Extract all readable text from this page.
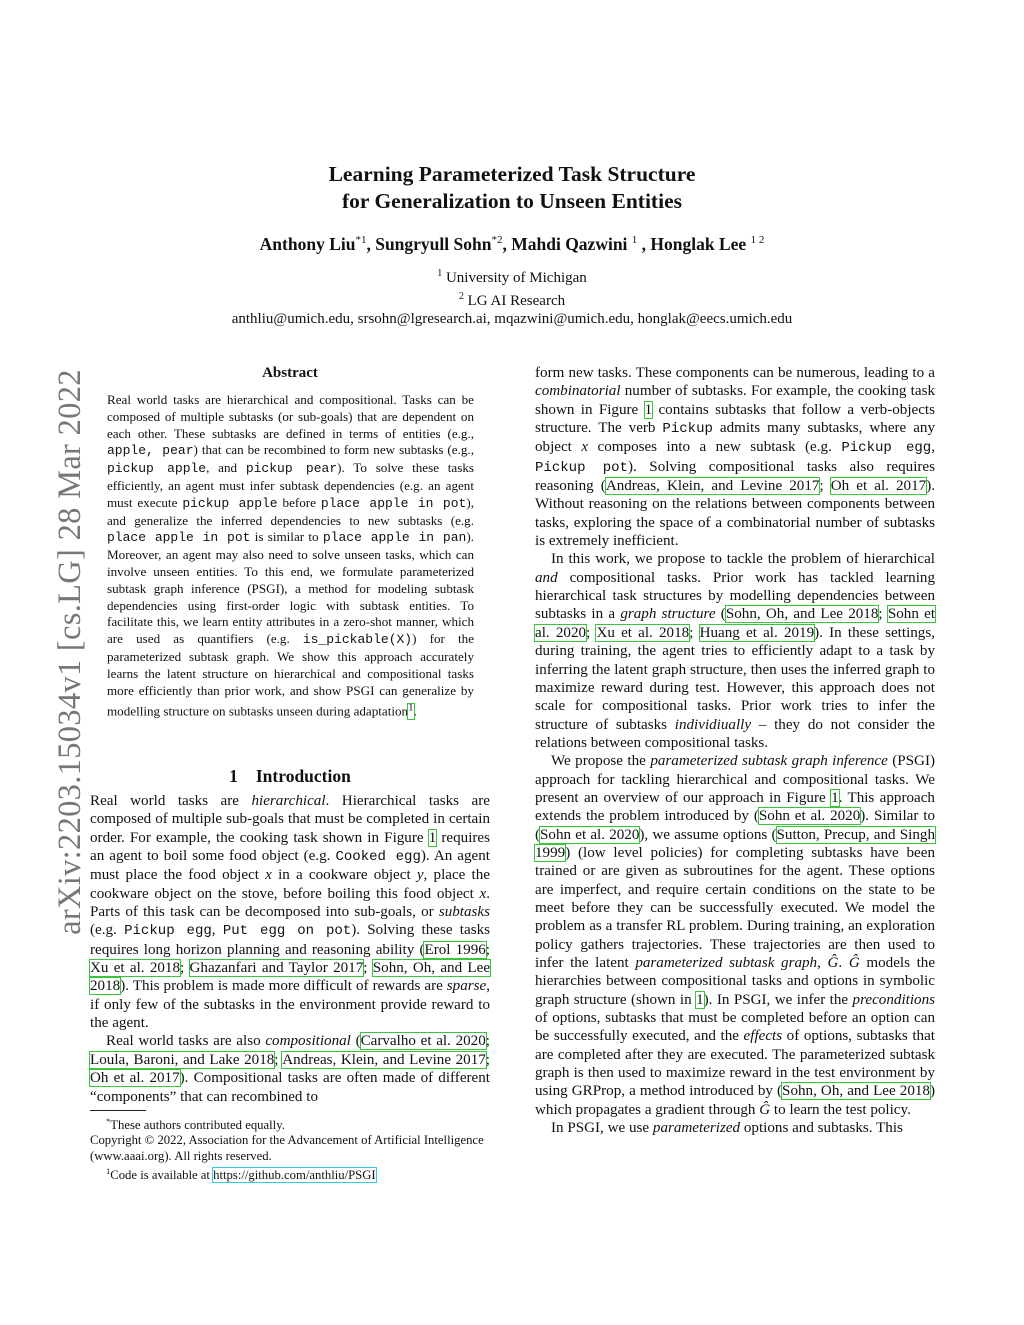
arXiv:2203.15034v1 [cs.LG] 28 Mar 2022
Learning Parameterized Task Structure
for Generalization to Unseen Entities
Anthony Liu$^{*1}$, Sungryull Sohn$^{*2}$, Mahdi Qazwini $^1$ , Honglak Lee $^{1 2}$
$^1$ University of Michigan
$^2$ LG AI Research
anthliu@umich.edu, srsohn@lgresearch.ai, mqazwini@umich.edu, honglak@eecs.umich.edu
Abstract
Real world tasks are hierarchical and compositional. Tasks can be composed of multiple subtasks (or sub-goals) that are dependent on each other. These subtasks are defined in terms of entities (e.g., apple, pear) that can be recombined to form new subtasks (e.g., pickup apple, and pickup pear). To solve these tasks efficiently, an agent must infer subtask dependencies (e.g. an agent must execute pickup apple before place apple in pot), and generalize the inferred dependencies to new subtasks (e.g. place apple in pot is similar to place apple in pan). Moreover, an agent may also need to solve unseen tasks, which can involve unseen entities. To this end, we formulate parameterized subtask graph inference (PSGI), a method for modeling subtask dependencies using first-order logic with subtask entities. To facilitate this, we learn entity attributes in a zero-shot manner, which are used as quantifiers (e.g. is_pickable(X)) for the parameterized subtask graph. We show this approach accurately learns the latent structure on hierarchical and compositional tasks more efficiently than prior work, and show PSGI can generalize by modelling structure on subtasks unseen during adaptation$^1$.
1 Introduction

Real world tasks are hierarchical. Hierarchical tasks are composed of multiple sub-goals that must be completed in certain order. For example, the cooking task shown in Figure 1 requires an agent to boil some food object (e.g. Cooked egg). An agent must place the food object x in a cookware object y, place the cookware object on the stove, before boiling this food object x. Parts of this task can be decomposed into sub-goals, or subtasks (e.g. Pickup egg, Put egg on pot). Solving these tasks requires long horizon planning and reasoning ability (Erol 1996; Xu et al. 2018; Ghazanfari and Taylor 2017; Sohn, Oh, and Lee 2018). This problem is made more difficult of rewards are sparse, if only few of the subtasks in the environment provide reward to the agent.

Real world tasks are also compositional (Carvalho et al. 2020; Loula, Baroni, and Lake 2018; Andreas, Klein, and Levine 2017; Oh et al. 2017). Compositional tasks are often made of different “components” that can recombined to

*These authors contributed equally.
Copyright © 2022, Association for the Advancement of Artificial Intelligence (www.aaai.org). All rights reserved.
$^1$Code is available at https://github.com/anthliu/PSGI

form new tasks. These components can be numerous, leading to a combinatorial number of subtasks. For example, the cooking task shown in Figure 1 contains subtasks that follow a verb-objects structure. The verb Pickup admits many subtasks, where any object x composes into a new subtask (e.g. Pickup egg, Pickup pot). Solving compositional tasks also requires reasoning (Andreas, Klein, and Levine 2017; Oh et al. 2017). Without reasoning on the relations between components between tasks, exploring the space of a combinatorial number of subtasks is extremely inefficient.

In this work, we propose to tackle the problem of hierarchical and compositional tasks. Prior work has tackled learning hierarchical task structures by modelling dependencies between subtasks in a graph structure (Sohn, Oh, and Lee 2018; Sohn et al. 2020; Xu et al. 2018; Huang et al. 2019). In these settings, during training, the agent tries to efficiently adapt to a task by inferring the latent graph structure, then uses the inferred graph to maximize reward during test. However, this approach does not scale for compositional tasks. Prior work tries to infer the structure of subtasks individiually – they do not consider the relations between compositional tasks.

We propose the parameterized subtask graph inference (PSGI) approach for tackling hierarchical and compositional tasks. We present an overview of our approach in Figure 1. This approach extends the problem introduced by (Sohn et al. 2020). Similar to (Sohn et al. 2020), we assume options (Sutton, Precup, and Singh 1999) (low level policies) for completing subtasks have been trained or are given as subroutines for the agent. These options are imperfect, and require certain conditions on the state to be meet before they can be successfully executed. We model the problem as a transfer RL problem. During training, an exploration policy gathers trajectories. These trajectories are then used to infer the latent parameterized subtask graph, Ĝ. Ĝ models the hierarchies between compositional tasks and options in symbolic graph structure (shown in 1). In PSGI, we infer the preconditions of options, subtasks that must be completed before an option can be successfully executed, and the effects of options, subtasks that are completed after they are executed. The parameterized subtask graph is then used to maximize reward in the test environment by using GRProp, a method introduced by (Sohn, Oh, and Lee 2018) which propagates a gradient through Ĝ to learn the test policy.

In PSGI, we use parameterized options and subtasks. This
